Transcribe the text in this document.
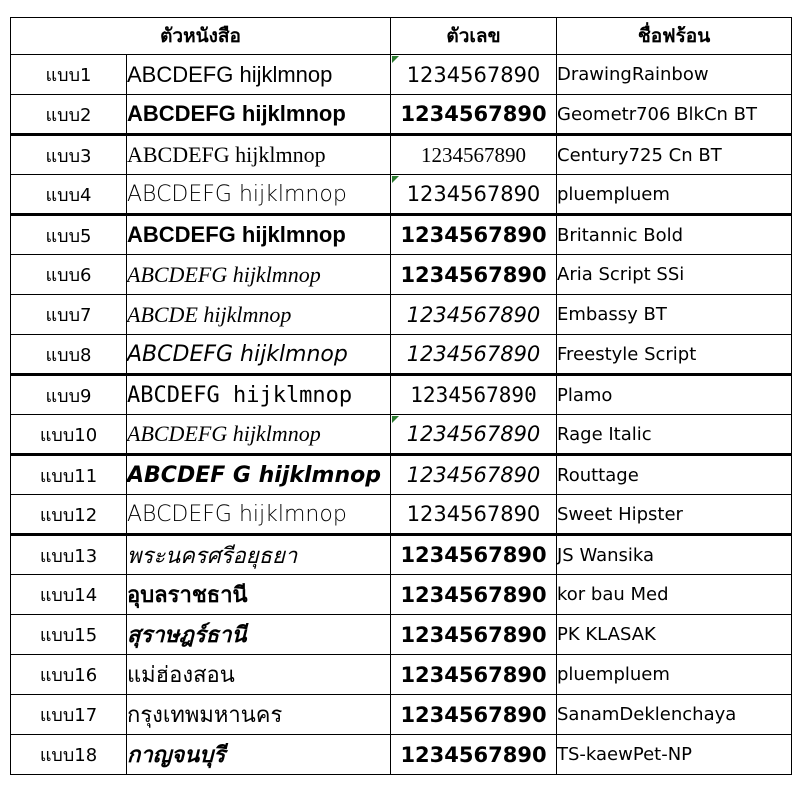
ตัวหนังสือ		ตัวเลข	ชื่อฟร้อน
แบบ1	ABCDEFG hijklmnop	1234567890	DrawingRainbow
แบบ2	ABCDEFG hijklmnop	1234567890	Geometr706 BlkCn BT
แบบ3	ABCDEFG hijklmnop	1234567890	Century725 Cn BT
แบบ4	ABCDEFG hijklmnop	1234567890	pluempluem
แบบ5	ABCDEFG hijklmnop	1234567890	Britannic Bold
แบบ6	ABCDEFG hijklmnop	1234567890	Aria Script SSi
แบบ7	ABCDE hijklmnop	1234567890	Embassy BT
แบบ8	ABCDEFG hijklmnop	1234567890	Freestyle Script
แบบ9	ABCDEFG hijklmnop	1234567890	Plamo
แบบ10	ABCDEFG hijklmnop	1234567890	Rage Italic
แบบ11	ABCDEF G hijklmnop	1234567890	Routtage
แบบ12	ABCDEFG hijklmnop	1234567890	Sweet Hipster
แบบ13	พระนครศรีอยุธยา	1234567890	JS Wansika
แบบ14	อุบลราชธานี	1234567890	kor bau Med
แบบ15	สุราษฎร์ธานี	1234567890	PK KLASAK
แบบ16	แม่ฮ่องสอน	1234567890	pluempluem
แบบ17	กรุงเทพมหานคร	1234567890	SanamDeklenchaya
แบบ18	กาญจนบุรี	1234567890	TS-kaewPet-NP
